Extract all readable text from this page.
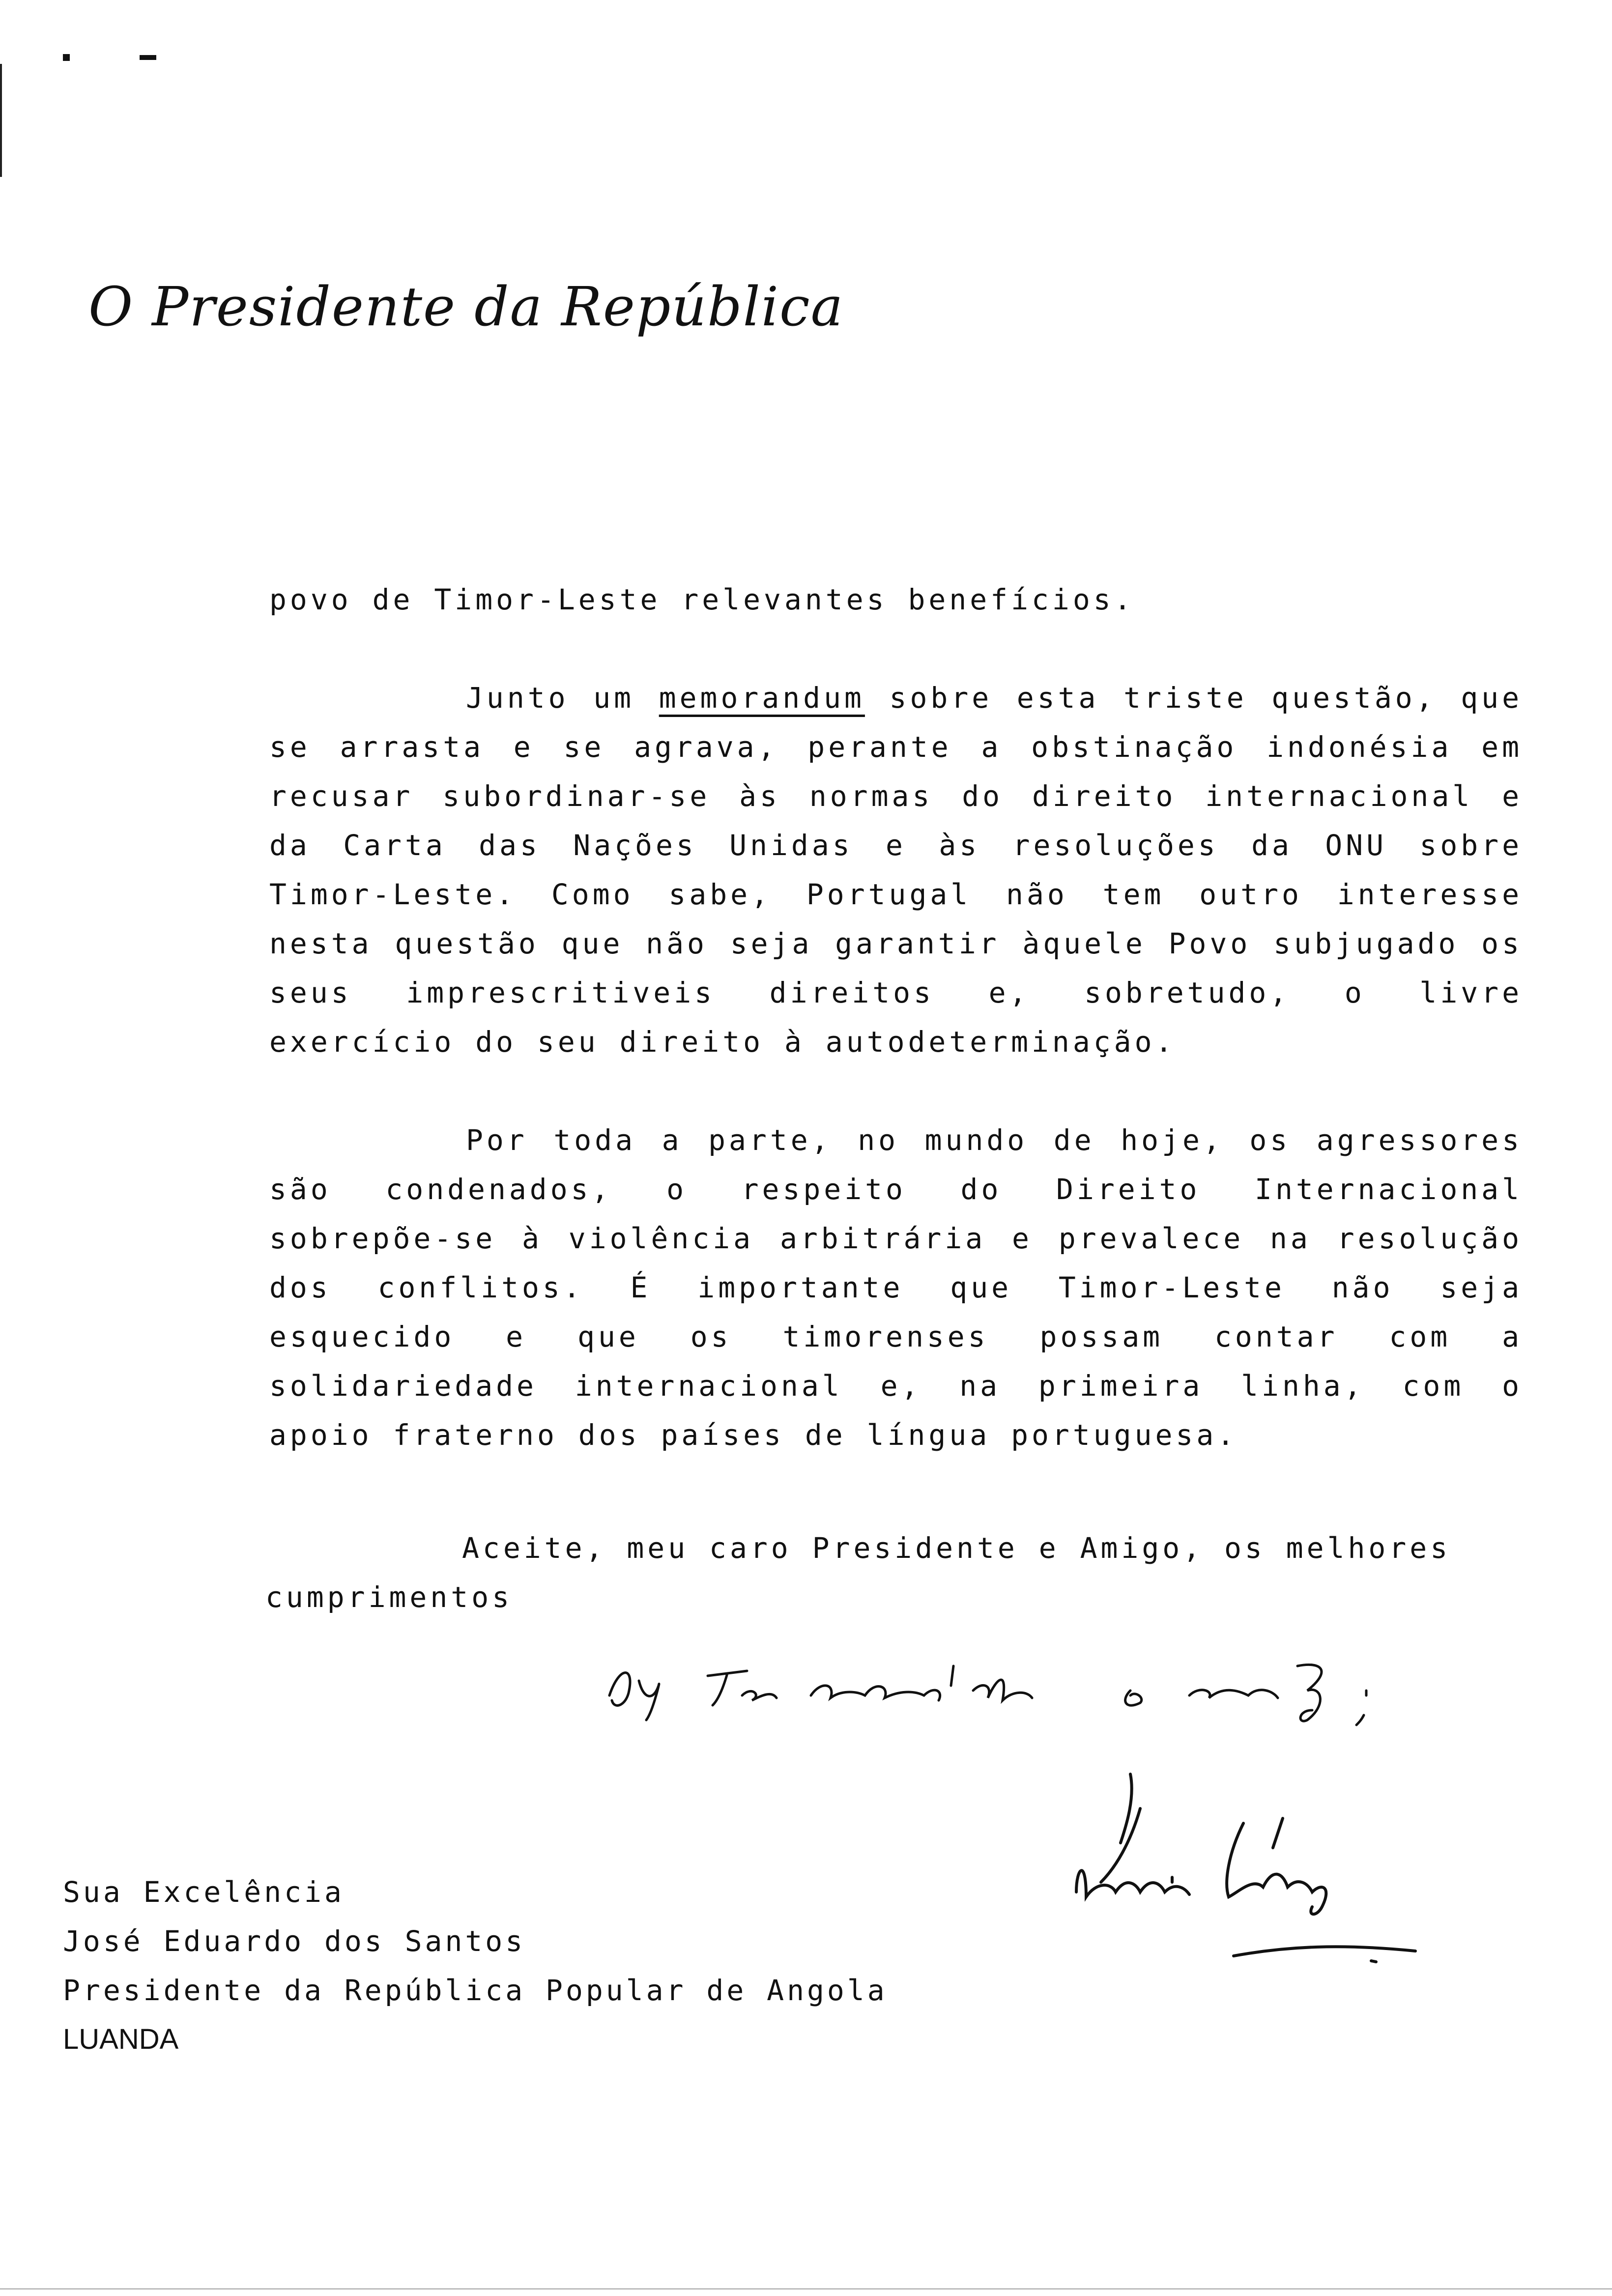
O Presidente da República

povo de Timor-Leste relevantes benefícios.

Junto um memorandum sobre esta triste questão, que se arrasta e se agrava, perante a obstinação indonésia em recusar subordinar-se às normas do direito internacional e da Carta das Nações Unidas e às resoluções da ONU sobre Timor-Leste. Como sabe, Portugal não tem outro interesse nesta questão que não seja garantir àquele Povo subjugado os seus imprescritiveis direitos e, sobretudo, o livre exercício do seu direito à autodeterminação.

Por toda a parte, no mundo de hoje, os agressores são condenados, o respeito do Direito Internacional sobrepõe-se à violência arbitrária e prevalece na resolução dos conflitos. É importante que Timor-Leste não seja esquecido e que os timorenses possam contar com a solidariedade internacional e, na primeira linha, com o apoio fraterno dos países de língua portuguesa.

Aceite, meu caro Presidente e Amigo, os melhores
cumprimentos
Os seus admiradores e amigo;
Mário Soares
Sua Excelência
José Eduardo dos Santos
Presidente da República Popular de Angola
LUANDA
